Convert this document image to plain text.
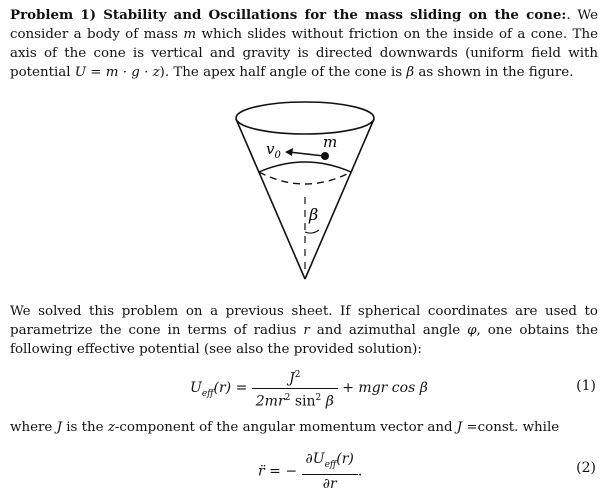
Problem 1) Stability and Oscillations for the mass sliding on the cone:. We consider a body of mass m which slides without friction on the inside of a cone. The axis of the cone is vertical and gravity is directed downwards (uniform field with potential U = m · g · z). The apex half angle of the cone is β as shown in the figure.
$v_0$
m
β
We solved this problem on a previous sheet. If spherical coordinates are used to parametrize the cone in terms of radius r and azimuthal angle φ, one obtains the following effective potential (see also the provided solution):
$U_{eff}(r) = \frac{J^2}{2mr^2 \sin^2 \beta}$ + mgr cos β	(1)
where J is the z-component of the angular momentum vector and J =const. while
r̈ = − $\frac{\partial U_{eff}(r)}{\partial r}$ .	(2)
